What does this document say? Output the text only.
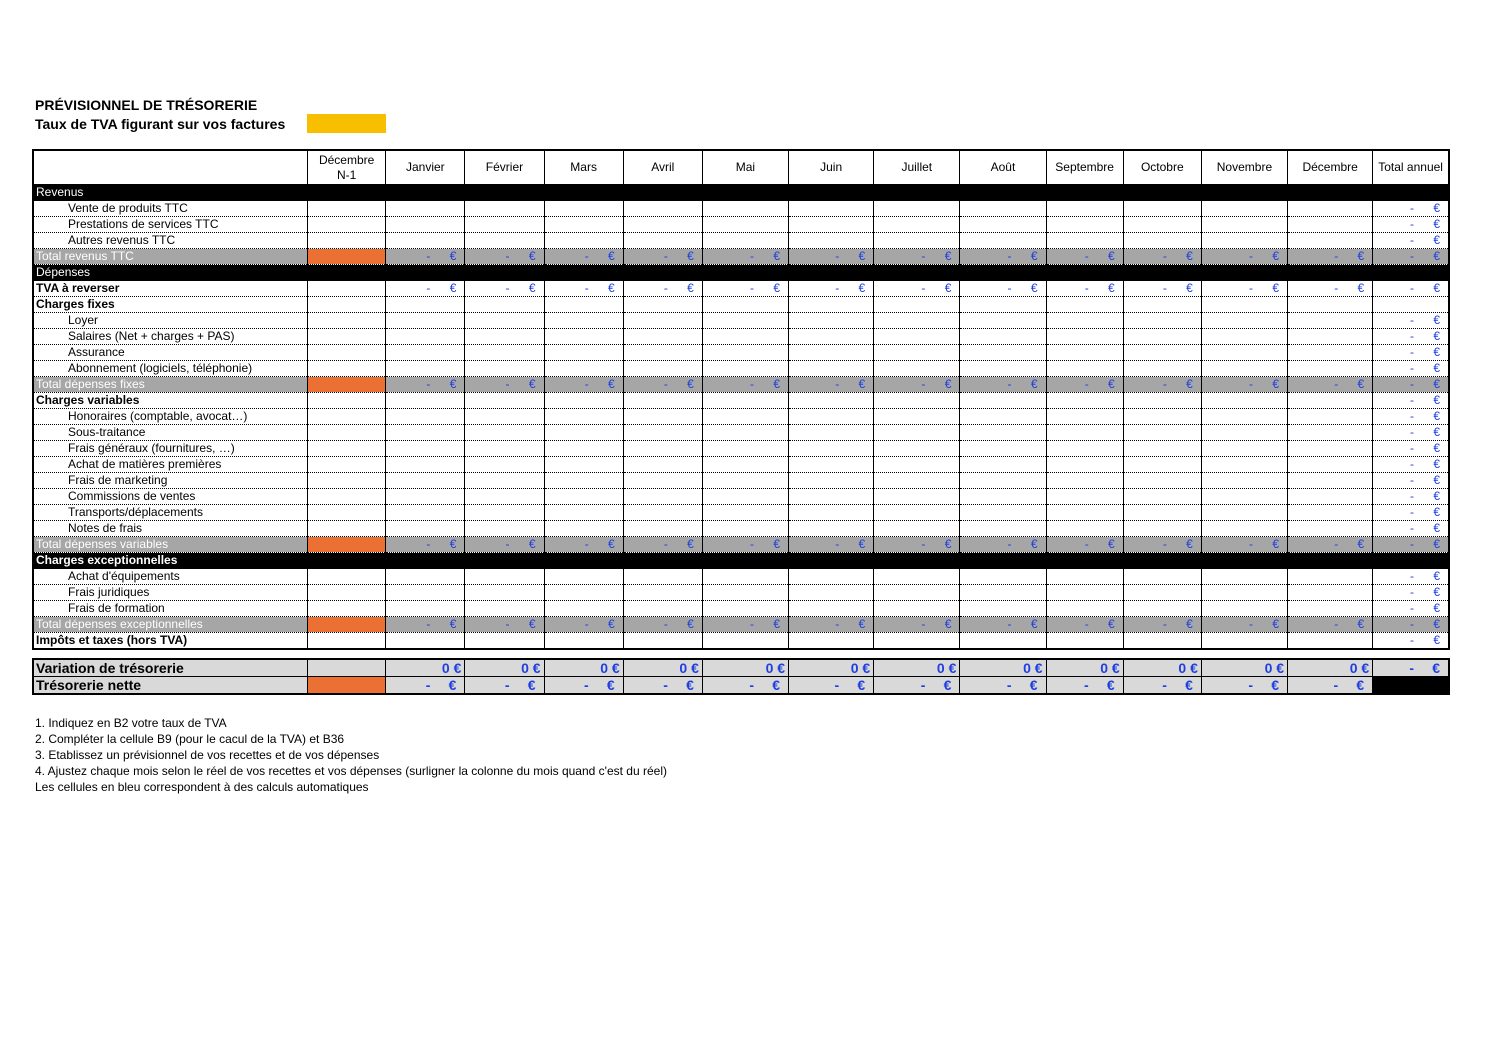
PRÉVISIONNEL DE TRÉSORERIE
Taux de TVA figurant sur vos factures
	Décembre N-1	Janvier	Février	Mars	Avril	Mai	Juin	Juillet	Août	Septembre	Octobre	Novembre	Décembre	Total annuel
Revenus														
Vente de produits TTC														- €

Prestations de services TTC														- €

Autres revenus TTC														- €

Total revenus TTC		- €	- €	- €	- €	- €	- €	- €	- €	- €	- €	- €	- €	- €

Dépenses														
TVA à reverser		- €	- €	- €	- €	- €	- €	- €	- €	- €	- €	- €	- €	- €

Charges fixes														
Loyer														- €

Salaires (Net + charges + PAS)														- €

Assurance														- €

Abonnement (logiciels, téléphonie)														- €

Total dépenses fixes		- €	- €	- €	- €	- €	- €	- €	- €	- €	- €	- €	- €	- €

Charges variables														- €

Honoraires (comptable, avocat…)														- €

Sous-traitance														- €

Frais généraux (fournitures, …)														- €

Achat de matières premières														- €

Frais de marketing														- €

Commissions de ventes														- €

Transports/déplacements														- €

Notes de frais														- €

Total dépenses variables		- €	- €	- €	- €	- €	- €	- €	- €	- €	- €	- €	- €	- €

Charges exceptionnelles														
Achat d'équipements														- €

Frais juridiques														- €

Frais de formation														- €

Total dépenses exceptionnelles		- €	- €	- €	- €	- €	- €	- €	- €	- €	- €	- €	- €	- €

Impôts et taxes (hors TVA)														- €
Variation de trésorerie		0 €	0 €	0 €	0 €	0 €	0 €	0 €	0 €	0 €	0 €	0 €	0 €	- €

Trésorerie nette		- €	- €	- €	- €	- €	- €	- €	- €	- €	- €	- €	- €	

1. Indiquez en B2 votre taux de TVA
2. Compléter la cellule B9 (pour le cacul de la TVA) et B36
3. Etablissez un prévisionnel de vos recettes et de vos dépenses
4. Ajustez chaque mois selon le réel de vos recettes et vos dépenses (surligner la colonne du mois quand c'est du réel)
Les cellules en bleu correspondent à des calculs automatiques
